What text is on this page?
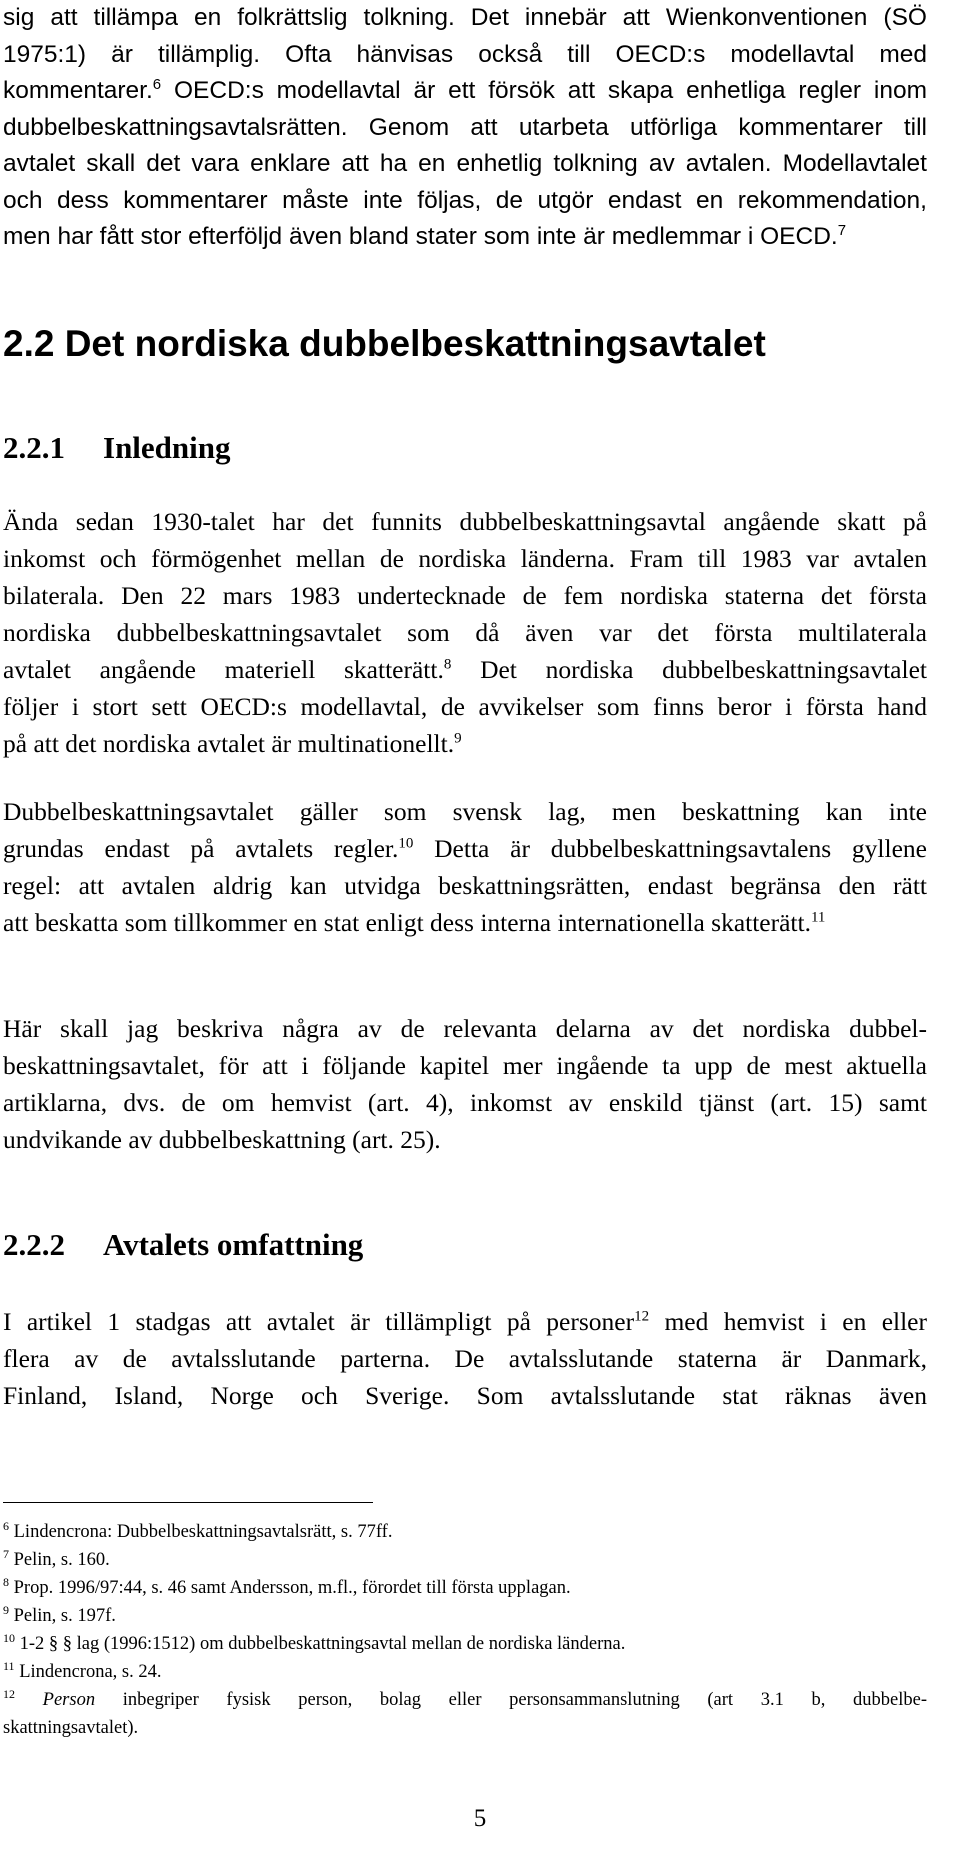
sig att tillämpa en folkrättslig tolkning. Det innebär att Wienkonventionen (SÖ
1975:1) är tillämplig. Ofta hänvisas också till OECD:s modellavtal med
kommentarer.$^6$ OECD:s modellavtal är ett försök att skapa enhetliga regler inom
dubbelbeskattningsavtalsrätten. Genom att utarbeta utförliga kommentarer till
avtalet skall det vara enklare att ha en enhetlig tolkning av avtalen. Modellavtalet
och dess kommentarer måste inte följas, de utgör endast en rekommendation,
men har fått stor efterföljd även bland stater som inte är medlemmar i OECD.$^7$
2.2 Det nordiska dubbelbeskattningsavtalet
2.2.1 Inledning
Ända sedan 1930-talet har det funnits dubbelbeskattningsavtal angående skatt på
inkomst och förmögenhet mellan de nordiska länderna. Fram till 1983 var avtalen
bilaterala. Den 22 mars 1983 undertecknade de fem nordiska staterna det första
nordiska dubbelbeskattningsavtalet som då även var det första multilaterala
avtalet angående materiell skatterätt.$^8$ Det nordiska dubbelbeskattningsavtalet
följer i stort sett OECD:s modellavtal, de avvikelser som finns beror i första hand
på att det nordiska avtalet är multinationellt.$^9$
Dubbelbeskattningsavtalet gäller som svensk lag, men beskattning kan inte
grundas endast på avtalets regler.$^{10}$ Detta är dubbelbeskattningsavtalens gyllene
regel: att avtalen aldrig kan utvidga beskattningsrätten, endast begränsa den rätt
att beskatta som tillkommer en stat enligt dess interna internationella skatterätt.$^{11}$
Här skall jag beskriva några av de relevanta delarna av det nordiska dubbel-
beskattningsavtalet, för att i följande kapitel mer ingående ta upp de mest aktuella
artiklarna, dvs. de om hemvist (art. 4), inkomst av enskild tjänst (art. 15) samt
undvikande av dubbelbeskattning (art. 25).
2.2.2 Avtalets omfattning
I artikel 1 stadgas att avtalet är tillämpligt på personer$^{12}$ med hemvist i en eller
flera av de avtalsslutande parterna. De avtalsslutande staterna är Danmark,
Finland, Island, Norge och Sverige. Som avtalsslutande stat räknas även
$^6$ Lindencrona: Dubbelbeskattningsavtalsrätt, s. 77ff.
$^7$ Pelin, s. 160.
$^8$ Prop. 1996/97:44, s. 46 samt Andersson, m.fl., förordet till första upplagan.
$^9$ Pelin, s. 197f.
$^{10}$ 1-2 § § lag (1996:1512) om dubbelbeskattningsavtal mellan de nordiska länderna.
$^{11}$ Lindencrona, s. 24.
$^{12}$ Person inbegriper fysisk person, bolag eller personsammanslutning (art 3.1 b, dubbelbe-
skattningsavtalet).
5
